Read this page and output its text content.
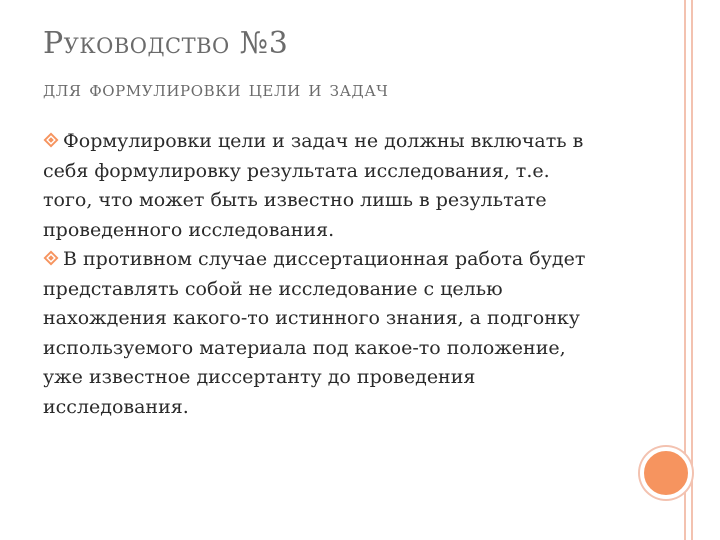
Руководство №3
для формулировки цели и задач

Формулировки цели и задач не должны включать в себя формулировку результата исследования, т.е. того, что может быть известно лишь в результате проведенного исследования.

В противном случае диссертационная работа будет представлять собой не исследование с целью нахождения какого-то истинного знания, а подгонку используемого материала под какое-то положение, уже известное диссертанту до проведения исследования.
